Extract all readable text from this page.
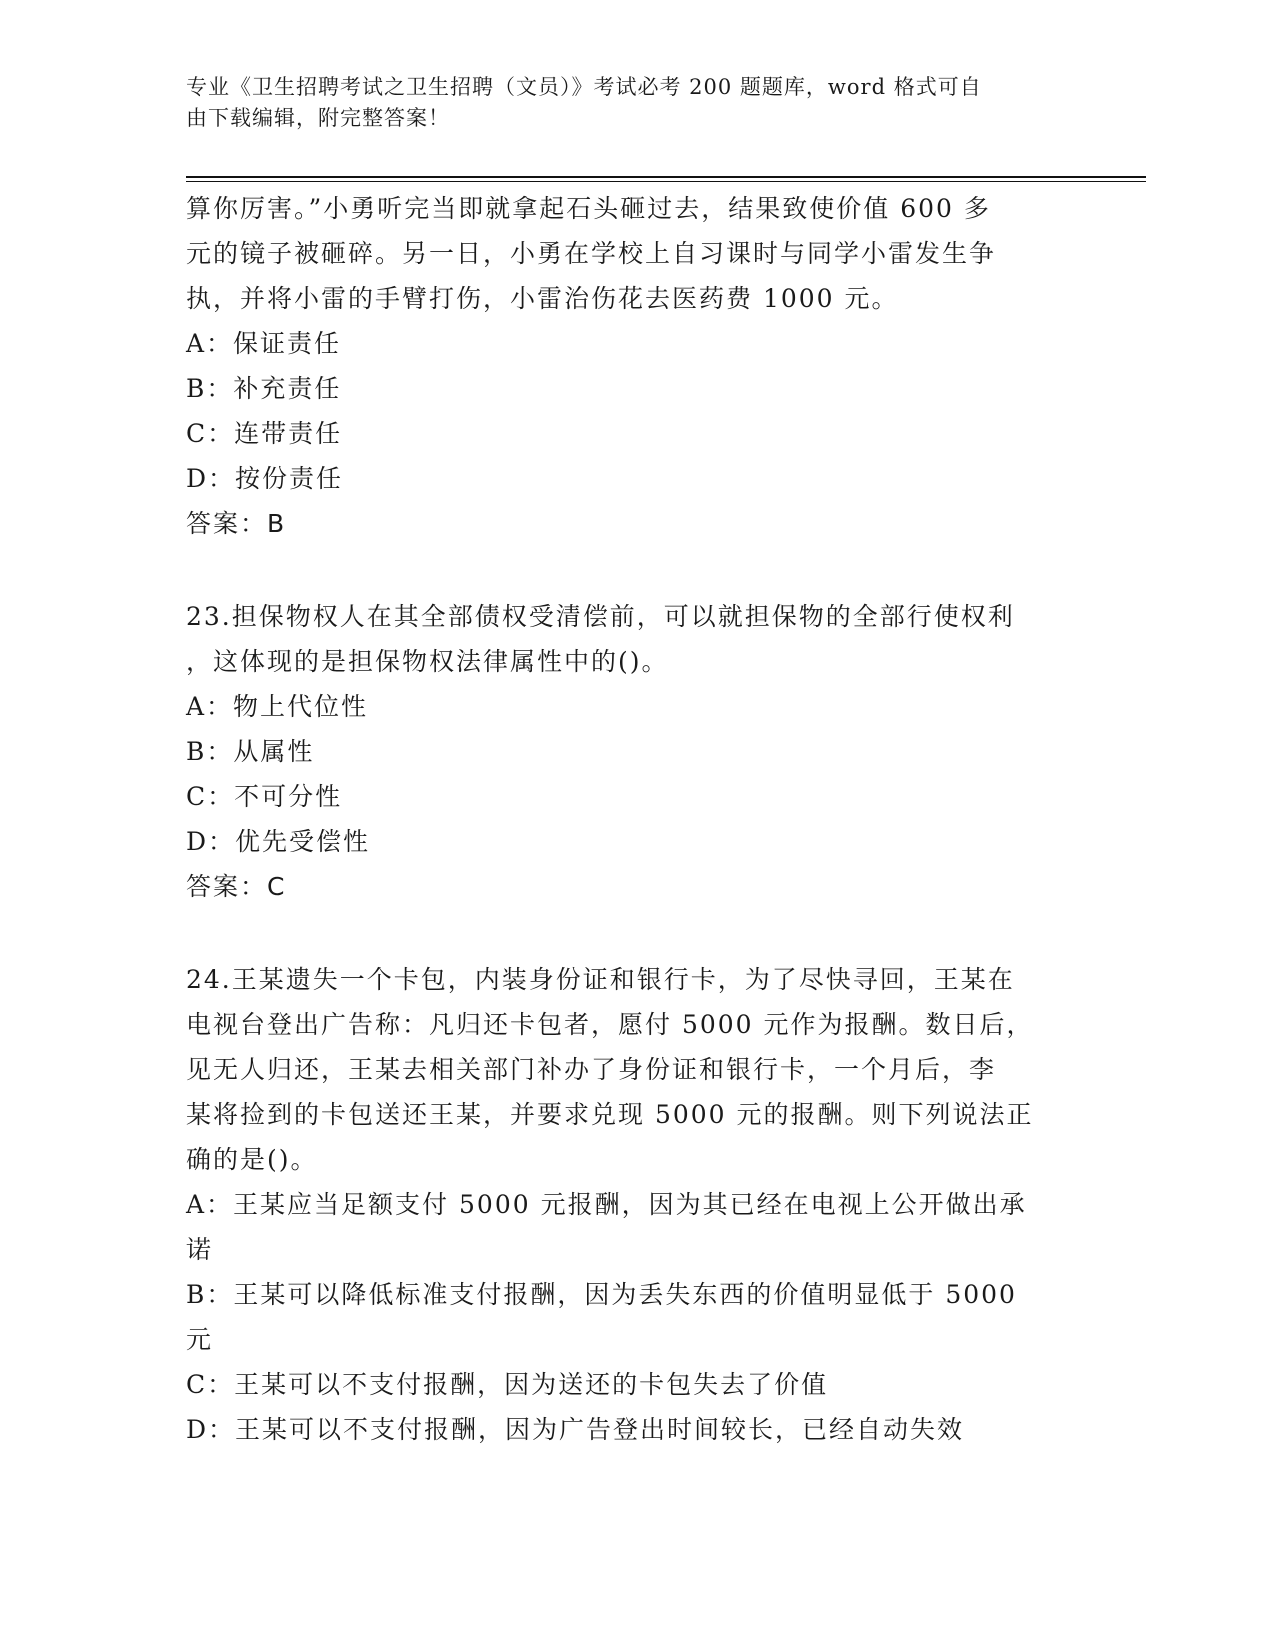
专业《卫生招聘考试之卫生招聘（文员）》考试必考 200 题题库，word 格式可自
由下载编辑，附完整答案！
算你厉害。”小勇听完当即就拿起石头砸过去，结果致使价值 600 多
元的镜子被砸碎。另一日，小勇在学校上自习课时与同学小雷发生争
执，并将小雷的手臂打伤，小雷治伤花去医药费 1000 元。
A：保证责任
B：补充责任
C：连带责任
D：按份责任
答案：B
23.担保物权人在其全部债权受清偿前，可以就担保物的全部行使权利
，这体现的是担保物权法律属性中的()。
A：物上代位性
B：从属性
C：不可分性
D：优先受偿性
答案：C
24.王某遗失一个卡包，内装身份证和银行卡，为了尽快寻回，王某在
电视台登出广告称：凡归还卡包者，愿付 5000 元作为报酬。数日后，
见无人归还，王某去相关部门补办了身份证和银行卡，一个月后，李
某将捡到的卡包送还王某，并要求兑现 5000 元的报酬。则下列说法正
确的是()。
A：王某应当足额支付 5000 元报酬，因为其已经在电视上公开做出承
诺
B：王某可以降低标准支付报酬，因为丢失东西的价值明显低于 5000
元
C：王某可以不支付报酬，因为送还的卡包失去了价值
D：王某可以不支付报酬，因为广告登出时间较长，已经自动失效
